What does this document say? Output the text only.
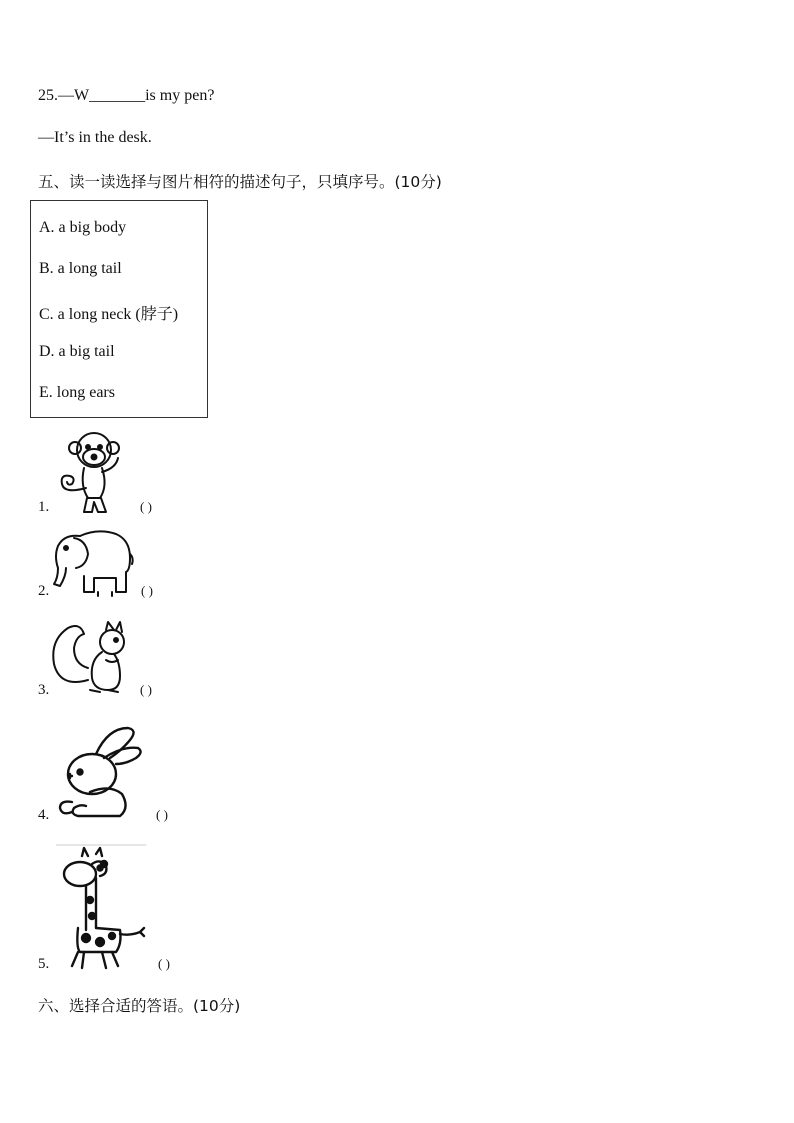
25.—W_______is my pen?
—It’s in the desk.
五、读一读选择与图片相符的描述句子，只填序号。(10分)
A. a big body
B. a long tail
C. a long neck (脖子)
D. a big tail
E. long ears
1.	( )
2.	( )
3.	( )
4.	( )
5.	( )
六、选择合适的答语。(10分)
